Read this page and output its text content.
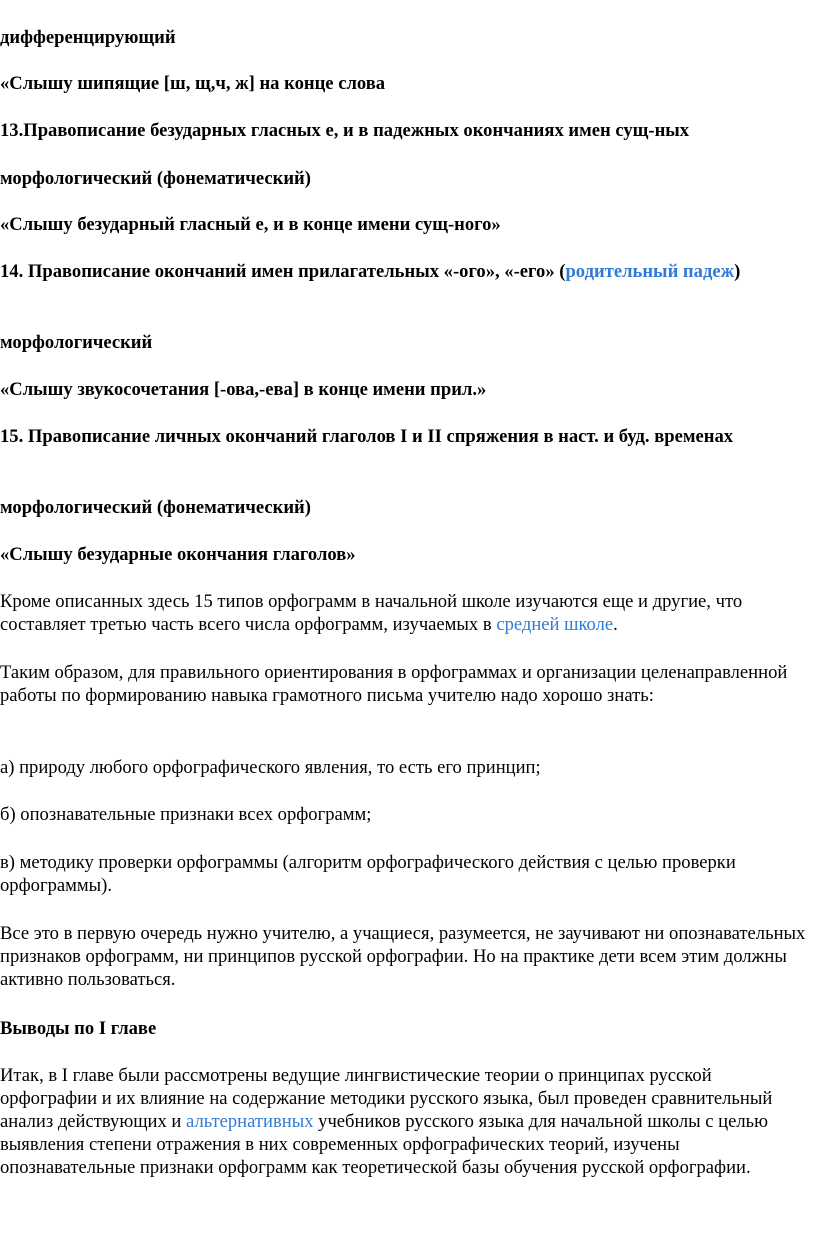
дифференцирующий

«Слышу шипящие [ш, щ,ч, ж] на конце слова

13.Правописание безударных гласных е, и в падежных окончаниях имен сущ-ных

морфологический (фонематический)

«Слышу безударный гласный е, и в конце имени сущ-ного»

14. Правописание окончаний имен прилагательных «-ого», «-его» (родительный падеж)

морфологический

«Слышу звукосочетания [-ова,-ева] в конце имени прил.»

15. Правописание личных окончаний глаголов I и II спряжения в наст. и буд. временах

морфологический (фонематический)

«Слышу безударные окончания глаголов»

Кроме описанных здесь 15 типов орфограмм в начальной школе изучаются еще и другие, что составляет третью часть всего числа орфограмм, изучаемых в средней школе.

Таким образом, для правильного ориентирования в орфограммах и организации целенаправленной работы по формированию навыка грамотного письма учителю надо хорошо знать:

а) природу любого орфографического явления, то есть его принцип;

б) опознавательные признаки всех орфограмм;

в) методику проверки орфограммы (алгоритм орфографического действия с целью проверки орфограммы).

Все это в первую очередь нужно учителю, а учащиеся, разумеется, не заучивают ни опознавательных признаков орфограмм, ни принципов русской орфографии. Но на практике дети всем этим должны активно пользоваться.

Выводы по I главе

Итак, в I главе были рассмотрены ведущие лингвистические теории о принципах русской орфографии и их влияние на содержание методики русского языка, был проведен сравнительный анализ действующих и альтернативных учебников русского языка для начальной школы с целью выявления степени отражения в них современных орфографических теорий, изучены опознавательные признаки орфограмм как теоретической базы обучения русской орфографии.
